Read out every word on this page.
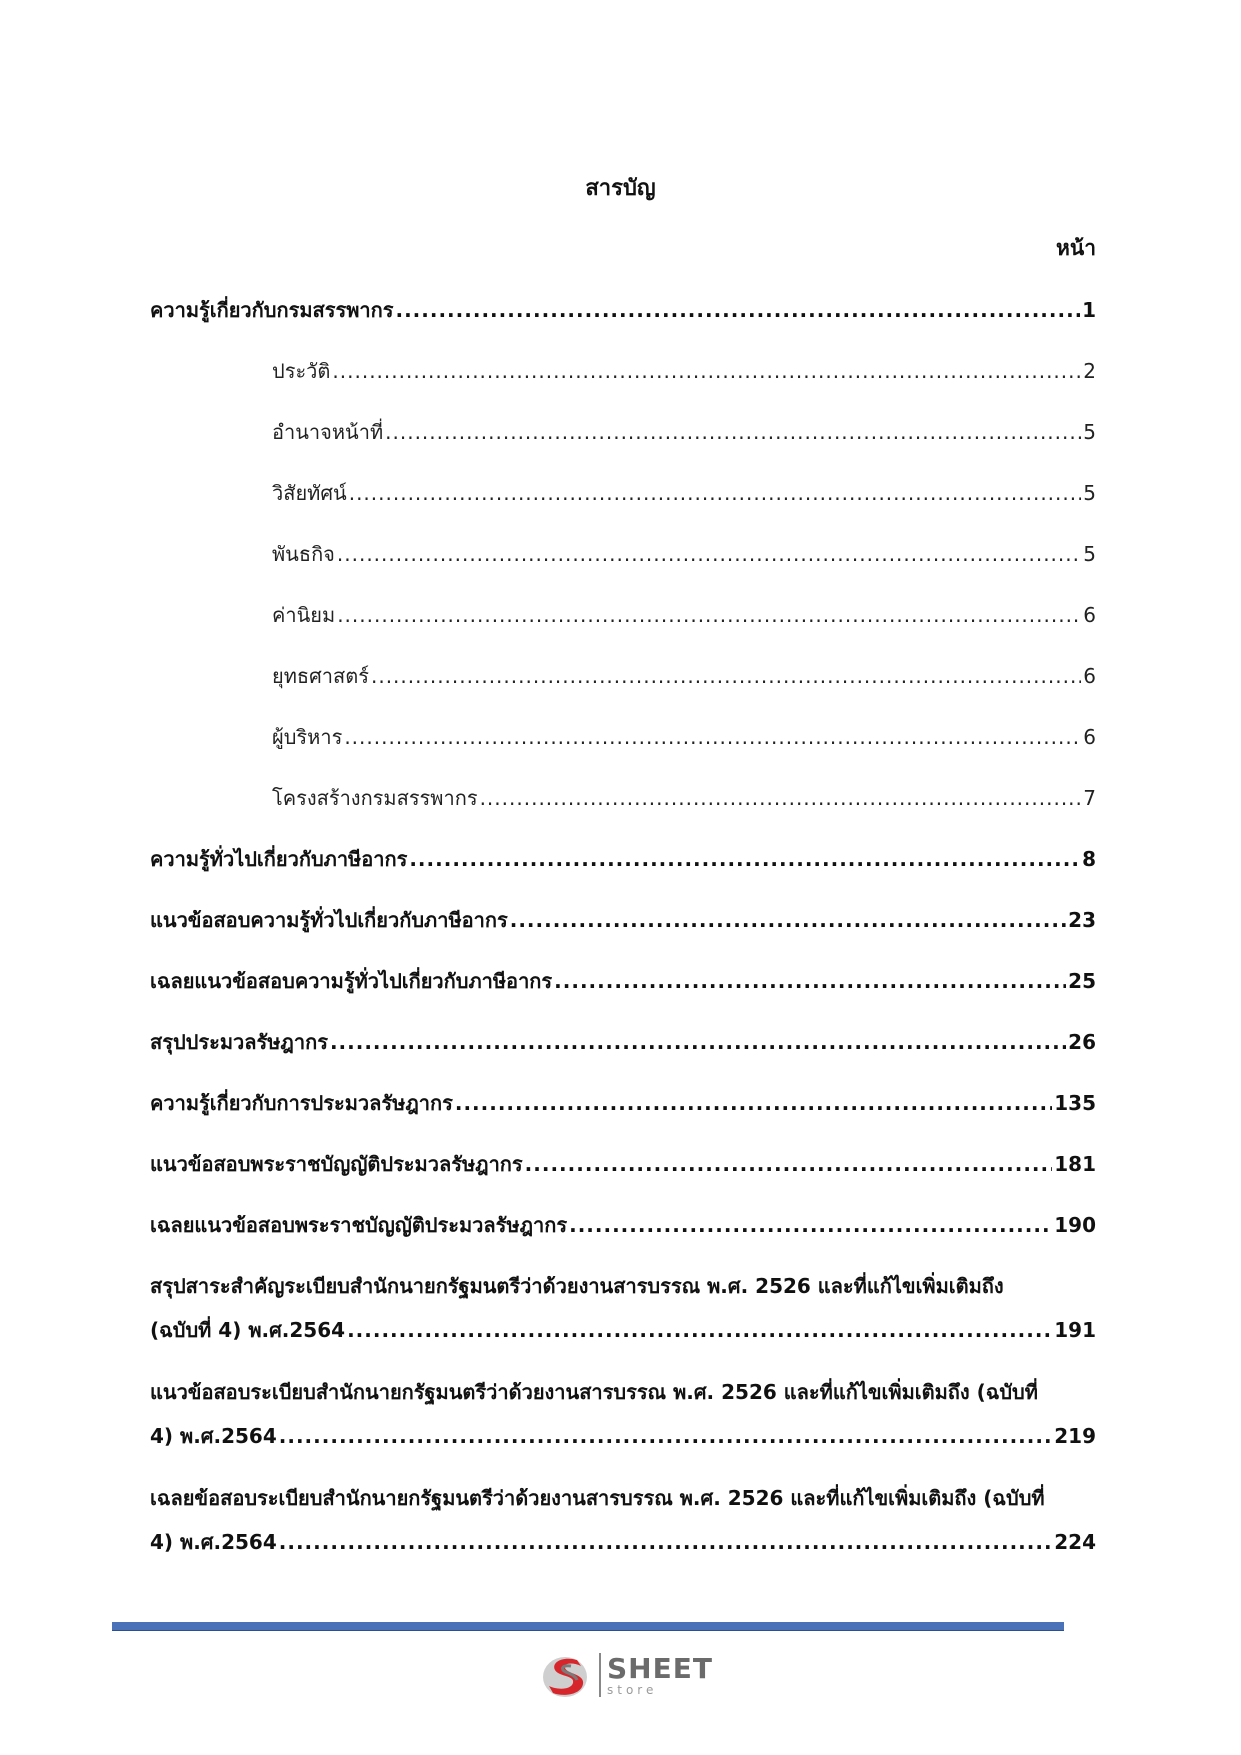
สารบัญ
หน้า
ความรู้เกี่ยวกับกรมสรรพากร .....	1
ประวัติ .....	2
อำนาจหน้าที่ .....	5
วิสัยทัศน์ .....	5
พันธกิจ .....	5
ค่านิยม .....	6
ยุทธศาสตร์ .....	6
ผู้บริหาร .....	6
โครงสร้างกรมสรรพากร .....	7
ความรู้ทั่วไปเกี่ยวกับภาษีอากร .....	8
แนวข้อสอบความรู้ทั่วไปเกี่ยวกับภาษีอากร .....	23
เฉลยแนวข้อสอบความรู้ทั่วไปเกี่ยวกับภาษีอากร .....	25
สรุปประมวลรัษฎากร .....	26
ความรู้เกี่ยวกับการประมวลรัษฎากร .....	135
แนวข้อสอบพระราชบัญญัติประมวลรัษฎากร .....	181
เฉลยแนวข้อสอบพระราชบัญญัติประมวลรัษฎากร .....	190
สรุปสาระสำคัญระเบียบสำนักนายกรัฐมนตรีว่าด้วยงานสารบรรณ พ.ศ. 2526 และที่แก้ไขเพิ่มเติมถึง
(ฉบับที่ 4) พ.ศ.2564 .....	191
แนวข้อสอบระเบียบสำนักนายกรัฐมนตรีว่าด้วยงานสารบรรณ พ.ศ. 2526 และที่แก้ไขเพิ่มเติมถึง (ฉบับที่
4) พ.ศ.2564 .....	219
เฉลยข้อสอบระเบียบสำนักนายกรัฐมนตรีว่าด้วยงานสารบรรณ พ.ศ. 2526 และที่แก้ไขเพิ่มเติมถึง (ฉบับที่
4) พ.ศ.2564 .....	224
SHEET
store
